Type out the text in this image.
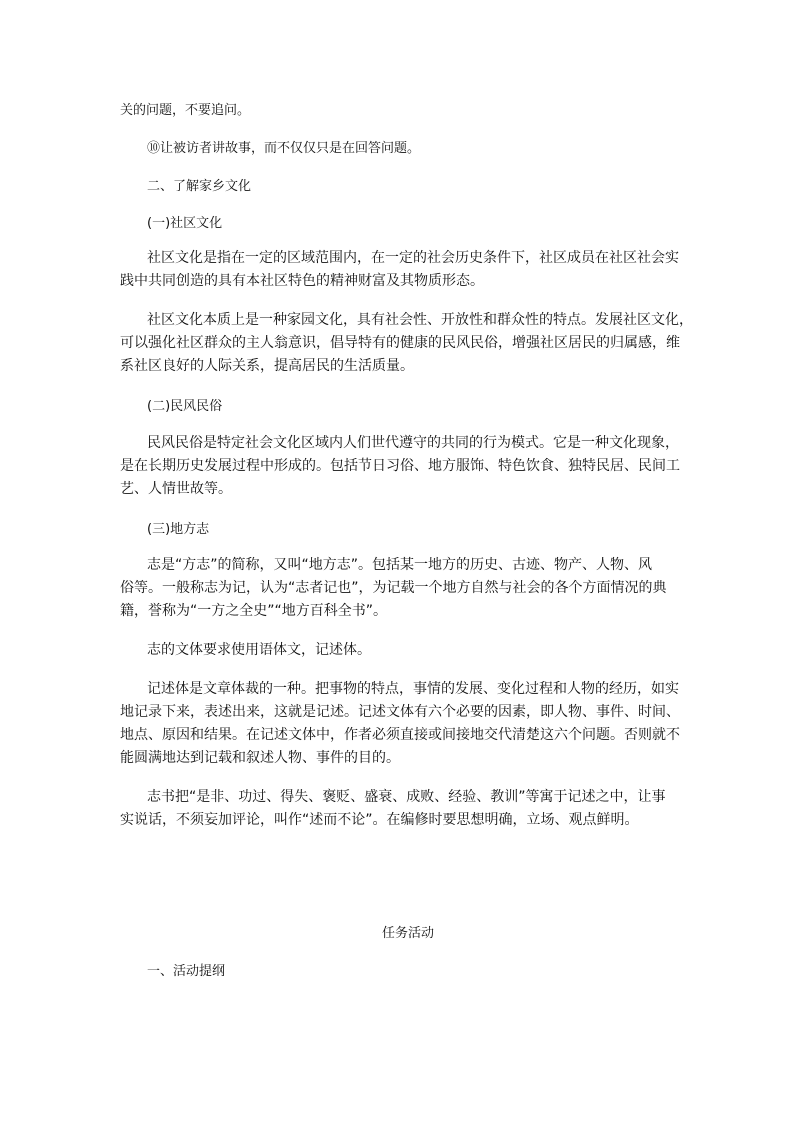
关的问题，不要追问。
⑩让被访者讲故事，而不仅仅只是在回答问题。
二、了解家乡文化
(一)社区文化
社区文化是指在一定的区域范围内，在一定的社会历史条件下，社区成员在社区社会实
践中共同创造的具有本社区特色的精神财富及其物质形态。
社区文化本质上是一种家园文化，具有社会性、开放性和群众性的特点。发展社区文化，
可以强化社区群众的主人翁意识，倡导特有的健康的民风民俗，增强社区居民的归属感，维
系社区良好的人际关系，提高居民的生活质量。
(二)民风民俗
民风民俗是特定社会文化区域内人们世代遵守的共同的行为模式。它是一种文化现象，
是在长期历史发展过程中形成的。包括节日习俗、地方服饰、特色饮食、独特民居、民间工
艺、人情世故等。
(三)地方志
志是“方志”的简称，又叫“地方志”。包括某一地方的历史、古迹、物产、人物、风
俗等。一般称志为记，认为“志者记也”，为记载一个地方自然与社会的各个方面情况的典
籍，誉称为“一方之全史”“地方百科全书”。
志的文体要求使用语体文，记述体。
记述体是文章体裁的一种。把事物的特点，事情的发展、变化过程和人物的经历，如实
地记录下来，表述出来，这就是记述。记述文体有六个必要的因素，即人物、事件、时间、
地点、原因和结果。在记述文体中，作者必须直接或间接地交代清楚这六个问题。否则就不
能圆满地达到记载和叙述人物、事件的目的。
志书把“是非、功过、得失、褒贬、盛衰、成败、经验、教训”等寓于记述之中，让事
实说话，不须妄加评论，叫作“述而不论”。在编修时要思想明确，立场、观点鲜明。
任务活动
一、活动提纲
